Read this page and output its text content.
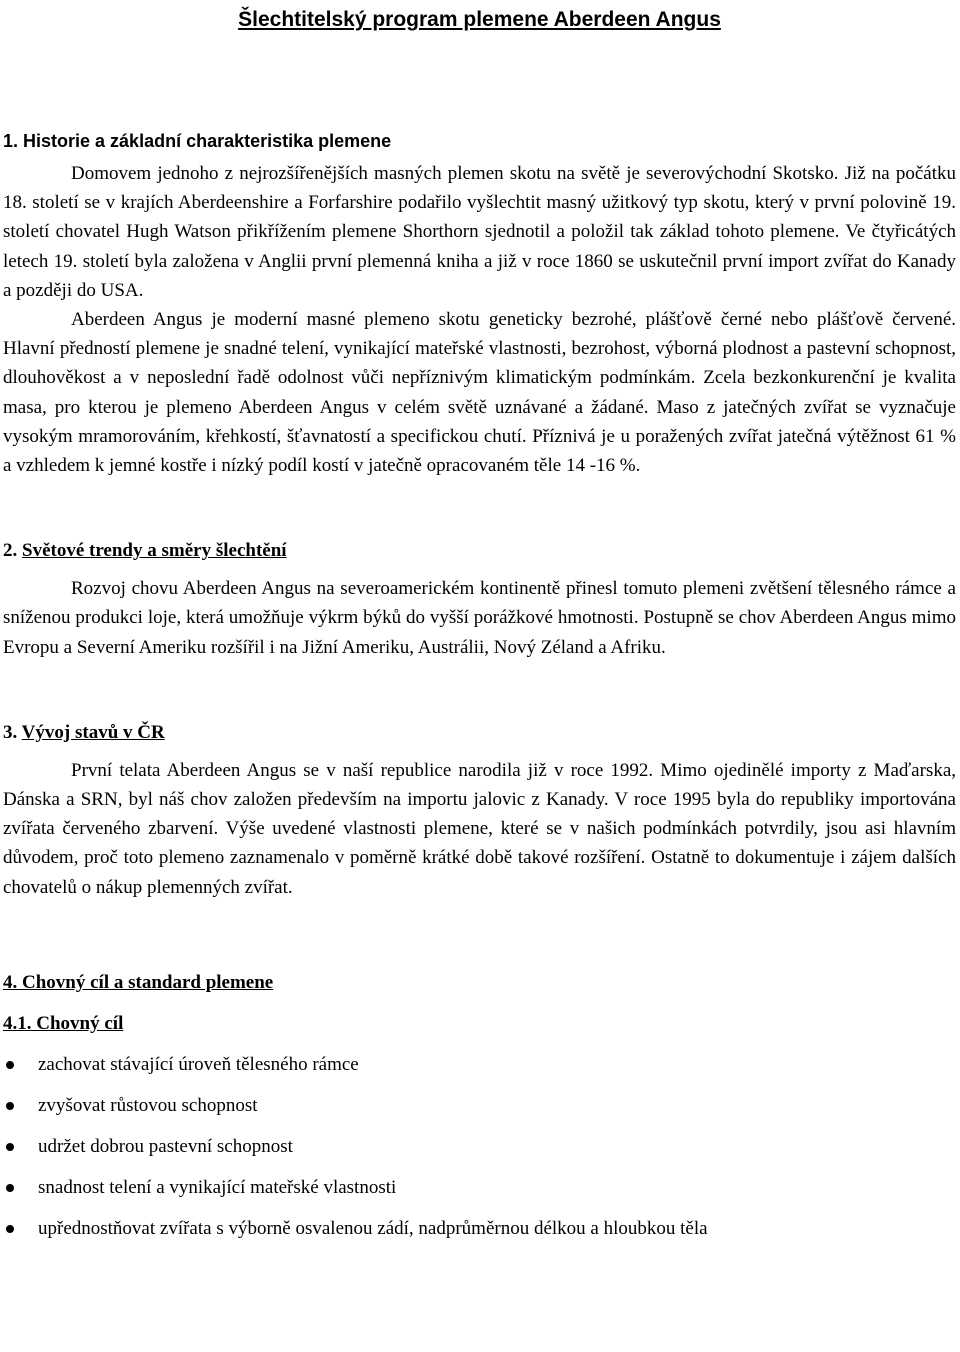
Šlechtitelský program plemene Aberdeen Angus
1. Historie a základní charakteristika plemene

Domovem jednoho z nejrozšířenějších masných plemen skotu na světě je severovýchodní Skotsko. Již na počátku 18. století se v krajích Aberdeenshire a Forfarshire podařilo vyšlechtit masný užitkový typ skotu, který v první polovině 19. století chovatel Hugh Watson přikřížením plemene Shorthorn sjednotil a položil tak základ tohoto plemene. Ve čtyřicátých letech 19. století byla založena v Anglii první plemenná kniha a již v roce 1860 se uskutečnil první import zvířat do Kanady a později do USA.

Aberdeen Angus je moderní masné plemeno skotu geneticky bezrohé, plášťově černé nebo plášťově červené. Hlavní předností plemene je snadné telení, vynikající mateřské vlastnosti, bezrohost, výborná plodnost a pastevní schopnost, dlouhověkost a v neposlední řadě odolnost vůči nepříznivým klimatickým podmínkám. Zcela bezkonkurenční je kvalita masa, pro kterou je plemeno Aberdeen Angus v celém světě uznávané a žádané. Maso z jatečných zvířat se vyznačuje vysokým mramorováním, křehkostí, šťavnatostí a specifickou chutí. Příznivá je u poražených zvířat jatečná výtěžnost 61 % a vzhledem k jemné kostře i nízký podíl kostí v jatečně opracovaném těle 14 -16 %.

2. Světové trendy a směry šlechtění

Rozvoj chovu Aberdeen Angus na severoamerickém kontinentě přinesl tomuto plemeni zvětšení tělesného rámce a sníženou produkci loje, která umožňuje výkrm býků do vyšší porážkové hmotnosti. Postupně se chov Aberdeen Angus mimo Evropu a Severní Ameriku rozšířil i na Jižní Ameriku, Austrálii, Nový Zéland a Afriku.

3. Vývoj stavů v ČR

První telata Aberdeen Angus se v naší republice narodila již v roce 1992. Mimo ojedinělé importy z Maďarska, Dánska a SRN, byl náš chov založen především na importu jalovic z Kanady. V roce 1995 byla do republiky importována zvířata červeného zbarvení. Výše uvedené vlastnosti plemene, které se v našich podmínkách potvrdily, jsou asi hlavním důvodem, proč toto plemeno zaznamenalo v poměrně krátké době takové rozšíření. Ostatně to dokumentuje i zájem dalších chovatelů o nákup plemenných zvířat.

4. Chovný cíl a standard plemene
4.1. Chovný cíl
zachovat stávající úroveň tělesného rámce
zvyšovat růstovou schopnost
udržet dobrou pastevní schopnost
snadnost telení a vynikající mateřské vlastnosti
upřednostňovat zvířata s výborně osvalenou zádí, nadprůměrnou délkou a hloubkou těla
